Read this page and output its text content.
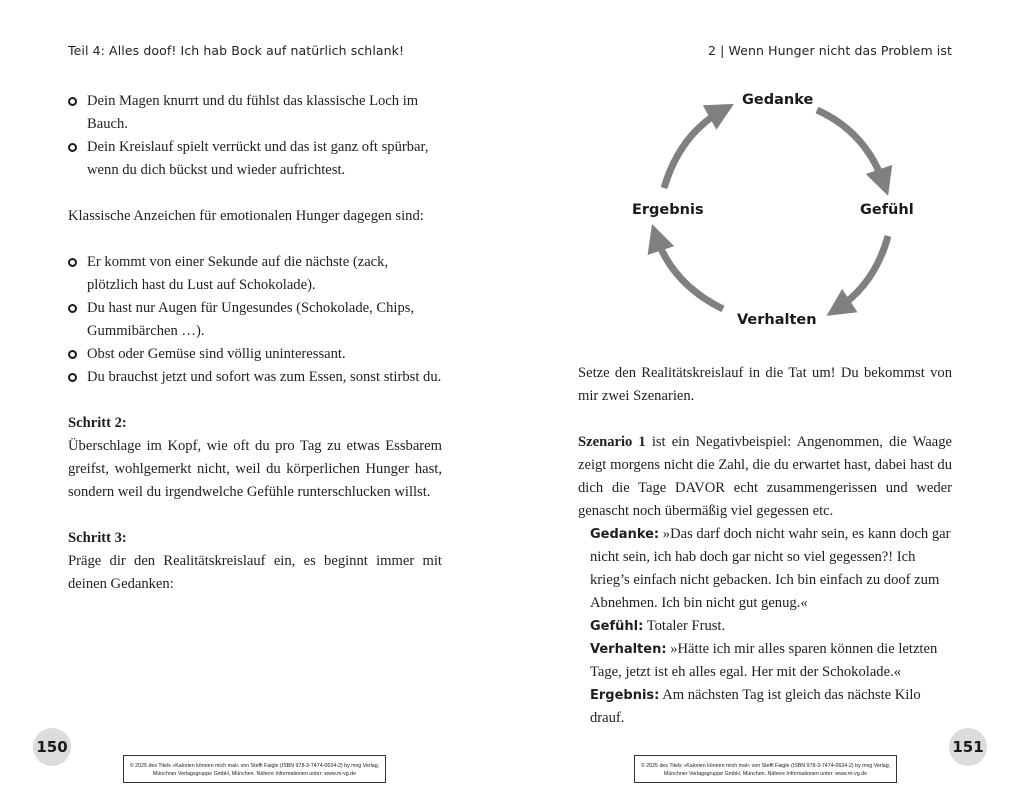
Teil 4: Alles doof! Ich hab Bock auf natürlich schlank!
Dein Magen knurrt und du fühlst das klassische Loch im Bauch.
Dein Kreislauf spielt verrückt und das ist ganz oft spürbar, wenn du dich bückst und wieder aufrichtest.

Klassische Anzeichen für emotionalen Hunger dagegen sind:

Er kommt von einer Sekunde auf die nächste (zack, plötzlich hast du Lust auf Schokolade).
Du hast nur Augen für Ungesundes (Schokolade, Chips, Gummibärchen …).
Obst oder Gemüse sind völlig uninteressant.
Du brauchst jetzt und sofort was zum Essen, sonst stirbst du.

Schritt 2:

Überschlage im Kopf, wie oft du pro Tag zu etwas Essbarem greifst, wohlgemerkt nicht, weil du körperlichen Hunger hast, sondern weil du irgendwelche Gefühle runterschlucken willst.

Schritt 3:

Präge dir den Realitätskreislauf ein, es beginnt immer mit deinen Gedanken:

150
© 2025 des Titels »Kalorien können mich mal« von Steffi Faigle (ISBN 978-3-7474-0634-2) by mvg Verlag,
Münchner Verlagsgruppe GmbH, München. Nähere Informationen unter: www.m-vg.de
2 | Wenn Hunger nicht das Problem ist
Gedanke
Gefühl
Verhalten
Ergebnis

Setze den Realitätskreislauf in die Tat um! Du bekommst von mir zwei Szenarien.

Szenario 1 ist ein Negativbeispiel: Angenommen, die Waage zeigt morgens nicht die Zahl, die du erwartet hast, dabei hast du dich die Tage DAVOR echt zusammengerissen und weder genascht noch übermäßig viel gegessen etc.

Gedanke: »Das darf doch nicht wahr sein, es kann doch gar nicht sein, ich hab doch gar nicht so viel gegessen?! Ich krieg’s einfach nicht gebacken. Ich bin einfach zu doof zum Abnehmen. Ich bin nicht gut genug.«

Gefühl: Totaler Frust.

Verhalten: »Hätte ich mir alles sparen können die letzten Tage, jetzt ist eh alles egal. Her mit der Schokolade.«

Ergebnis: Am nächsten Tag ist gleich das nächste Kilo drauf.

151
© 2025 des Titels »Kalorien können mich mal« von Steffi Faigle (ISBN 978-3-7474-0634-2) by mvg Verlag,
Münchner Verlagsgruppe GmbH, München. Nähere Informationen unter: www.m-vg.de
